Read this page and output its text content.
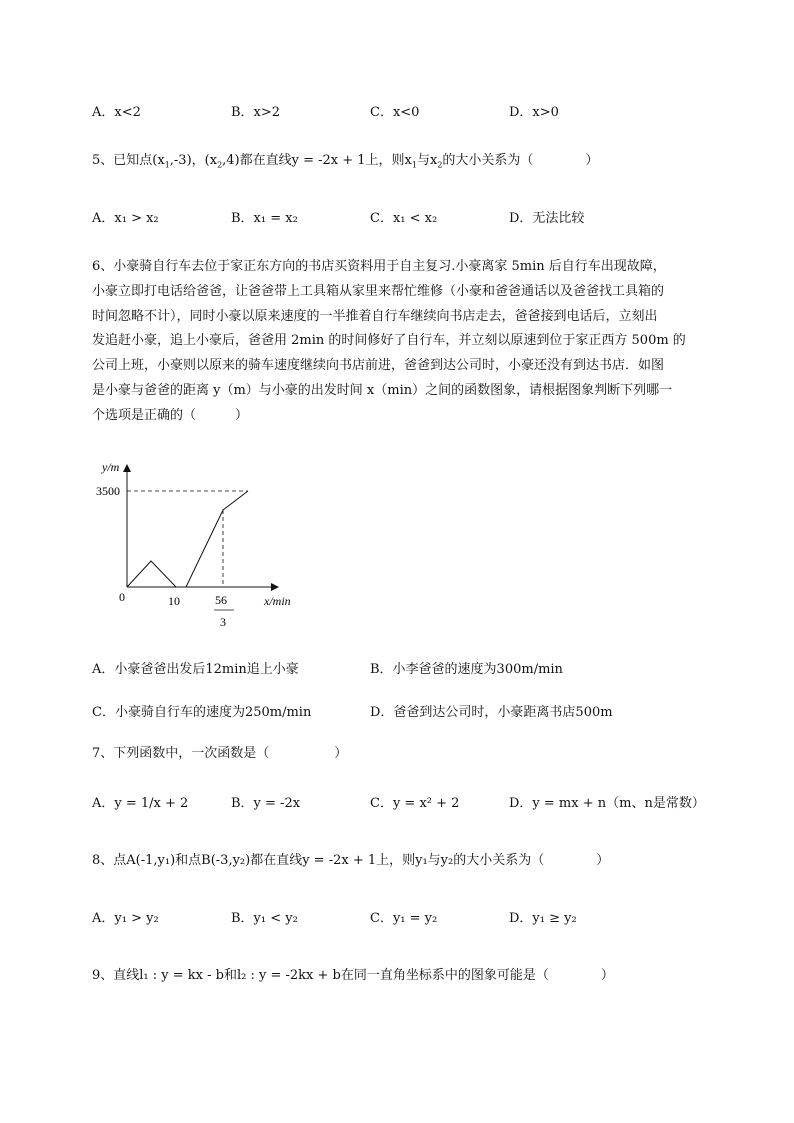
A．x<2	B．x>2	C．x<0	D．x>0
5、已知点$(x_1,-3)$，$(x_2,4)$都在直线y = -2x + 1上，则$x_1$与$x_2$的大小关系为（　　　　）
A．x₁ > x₂	B．x₁ = x₂	C．x₁ < x₂	D．无法比较
6、小豪骑自行车去位于家正东方向的书店买资料用于自主复习.小豪离家 5min 后自行车出现故障，
小豪立即打电话给爸爸，让爸爸带上工具箱从家里来帮忙维修（小豪和爸爸通话以及爸爸找工具箱的
时间忽略不计），同时小豪以原来速度的一半推着自行车继续向书店走去，爸爸接到电话后，立刻出
发追赶小豪，追上小豪后，爸爸用 2min 的时间修好了自行车，并立刻以原速到位于家正西方 500m 的
公司上班，小豪则以原来的骑车速度继续向书店前进，爸爸到达公司时，小豪还没有到达书店．如图
是小豪与爸爸的距离 y（m）与小豪的出发时间 x（min）之间的函数图象，请根据图象判断下列哪一
个选项是正确的（　　　）
y/m
3500
0	10	56
3
x/min
A．小豪爸爸出发后12min追上小豪	B．小李爸爸的速度为300m/min
C．小豪骑自行车的速度为250m/min	D．爸爸到达公司时，小豪距离书店500m
7、下列函数中，一次函数是（　　　　　）
A．y = 1/x + 2	B．y = -2x	C．y = x² + 2	D．y = mx + n（m、n是常数）
8、点A(-1,y₁)和点B(-3,y₂)都在直线y = -2x + 1上，则y₁与y₂的大小关系为（　　　　）
A．y₁ > y₂	B．y₁ < y₂	C．y₁ = y₂	D．y₁ ≥ y₂
9、直线l₁ : y = kx - b和l₂ : y = -2kx + b在同一直角坐标系中的图象可能是（　　　　）
